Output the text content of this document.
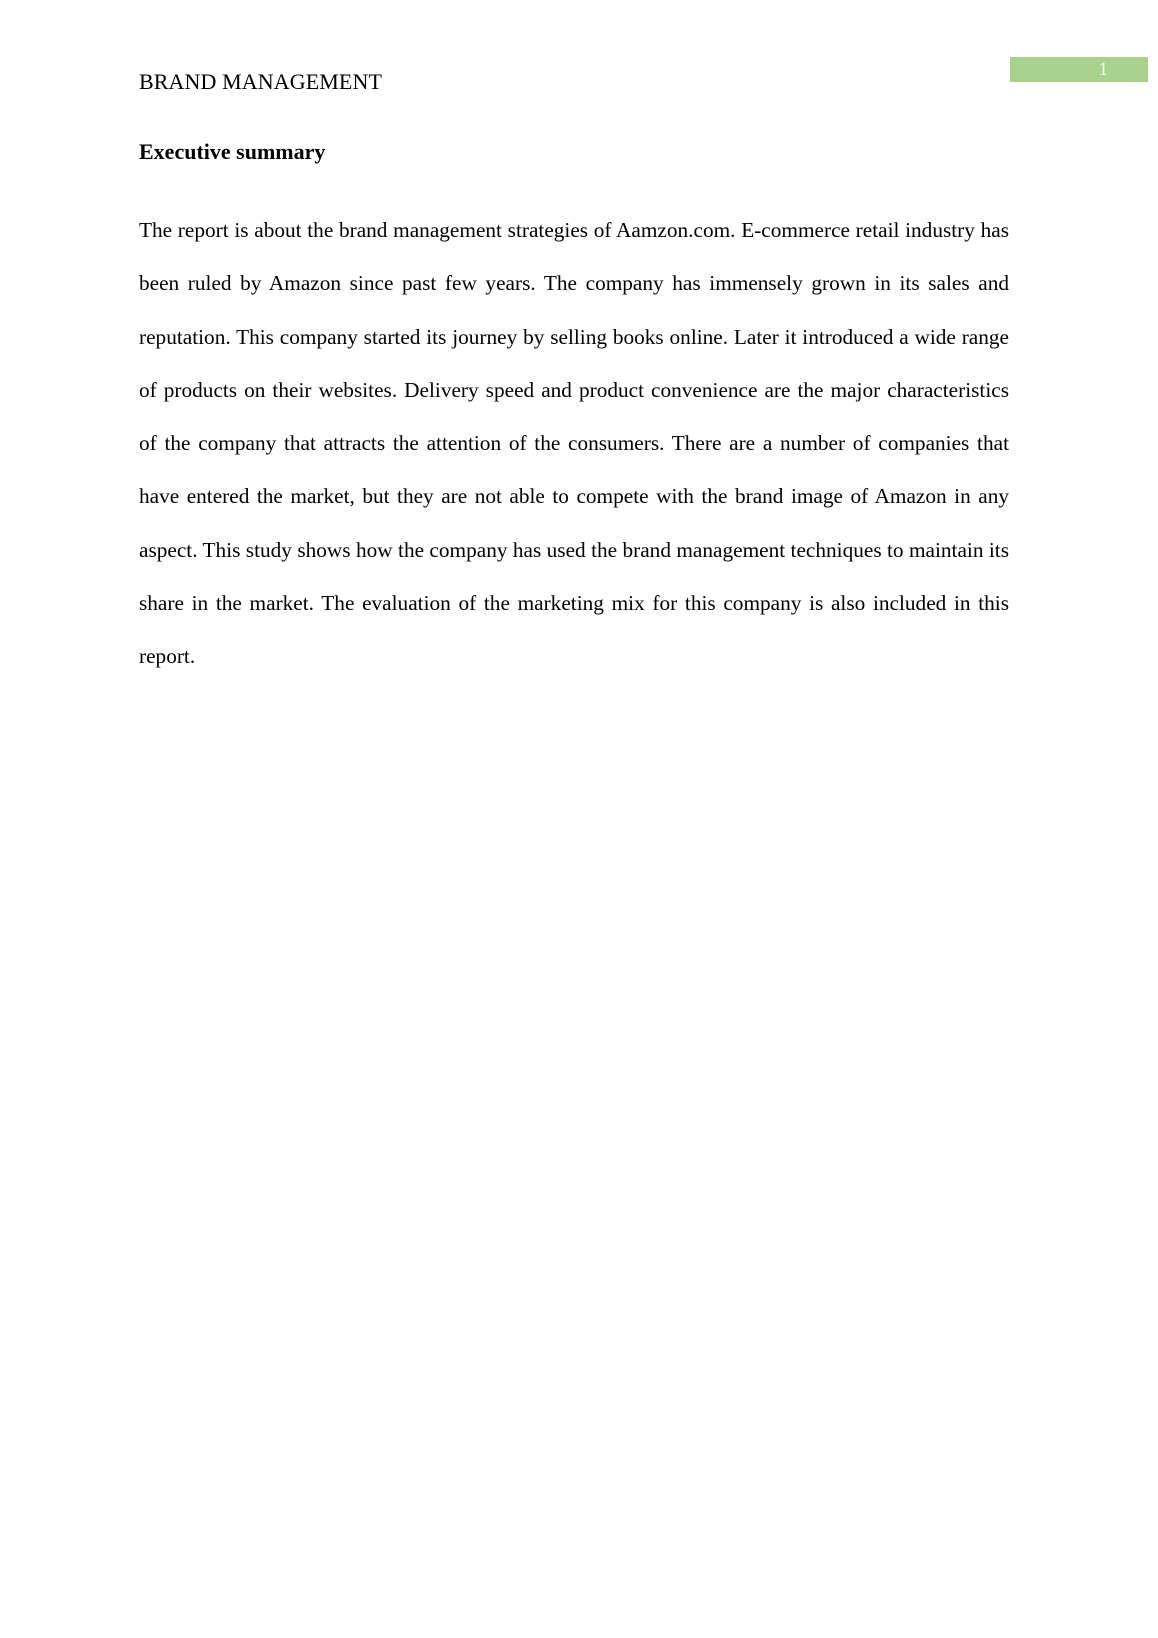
1
BRAND MANAGEMENT
Executive summary

The report is about the brand management strategies of Aamzon.com. E-commerce retail industry has been ruled by Amazon since past few years. The company has immensely grown in its sales and reputation. This company started its journey by selling books online. Later it introduced a wide range of products on their websites. Delivery speed and product convenience are the major characteristics of the company that attracts the attention of the consumers. There are a number of companies that have entered the market, but they are not able to compete with the brand image of Amazon in any aspect. This study shows how the company has used the brand management techniques to maintain its share in the market. The evaluation of the marketing mix for this company is also included in this report.
